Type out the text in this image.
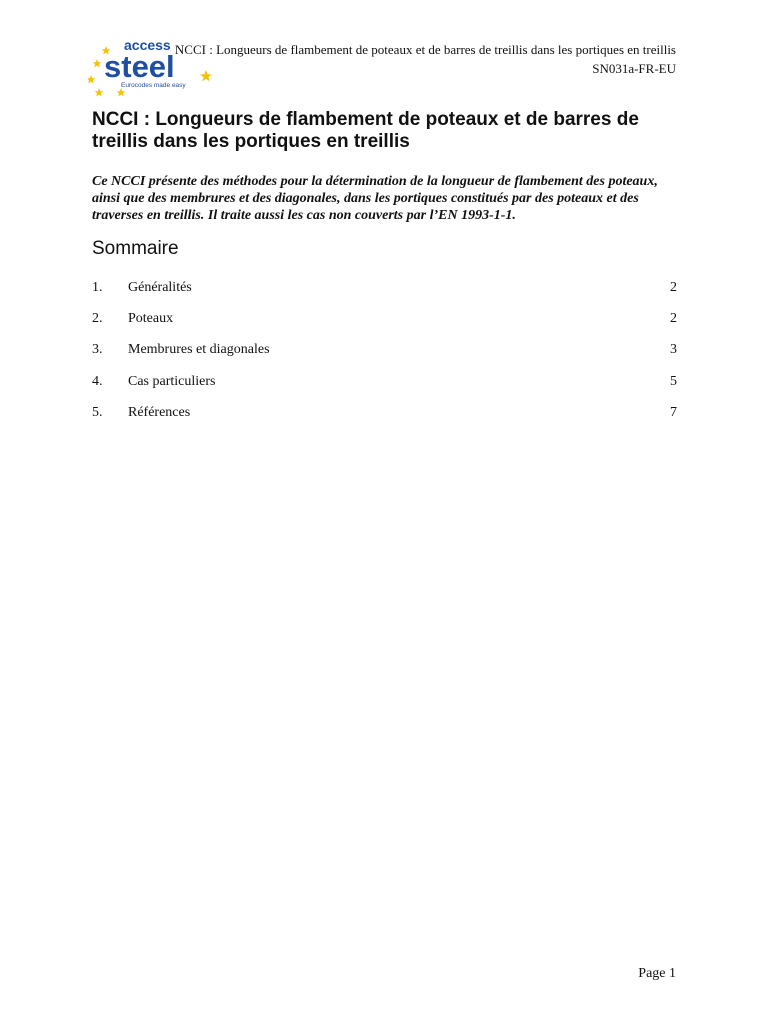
access
steel
Eurocodes made easy
NCCI : Longueurs de flambement de poteaux et de barres de treillis dans les portiques en treillis
SN031a-FR-EU
NCCI : Longueurs de flambement de poteaux et de barres de treillis dans les portiques en treillis

Ce NCCI présente des méthodes pour la détermination de la longueur de flambement des poteaux, ainsi que des membrures et des diagonales, dans les portiques constitués par des poteaux et des traverses en treillis. Il traite aussi les cas non couverts par l’EN 1993-1-1.

Sommaire
1. Généralités	2
2. Poteaux	2
3. Membrures et diagonales	3
4. Cas particuliers	5
5. Références	7
Page 1
